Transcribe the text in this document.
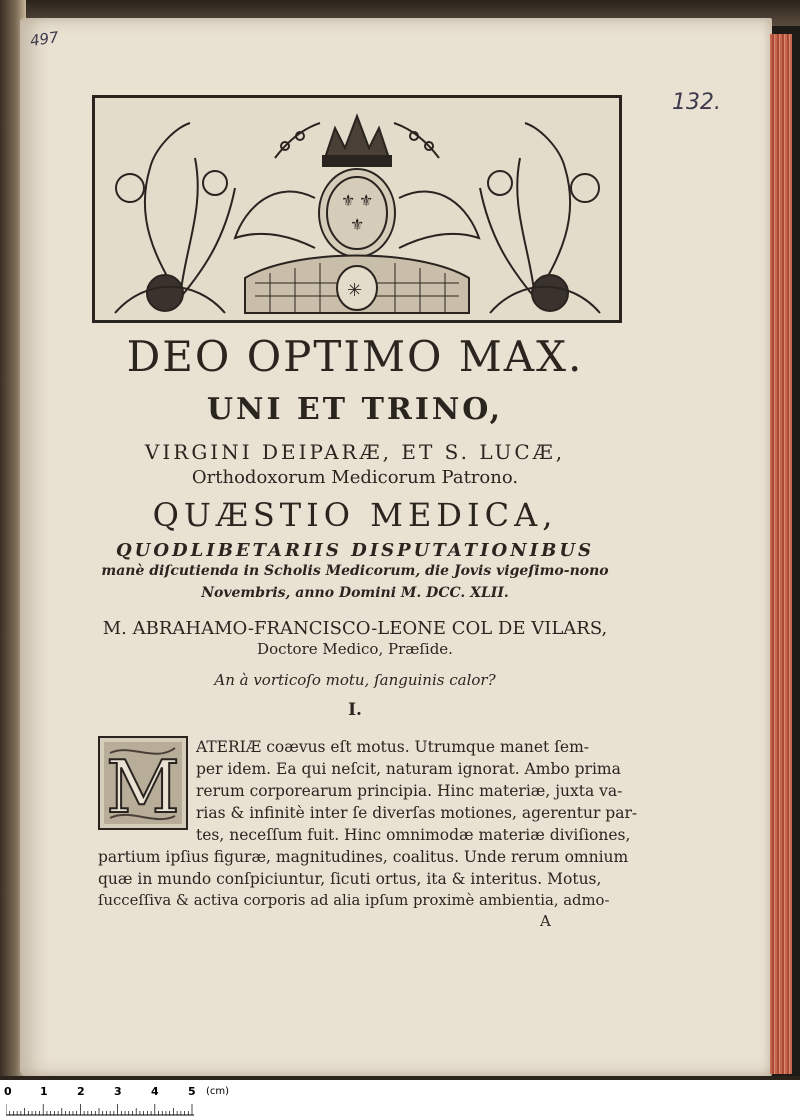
497
132.
⚜ ⚜
⚜
✳
DEO OPTIMO MAX.
UNI ET TRINO,
VIRGINI DEIPARÆ, ET S. LUCÆ,
Orthodoxorum Medicorum Patrono.
QUÆSTIO MEDICA,
QUODLIBETARIIS DISPUTATIONIBUS
manè diſcutienda in Scholis Medicorum, die Jovis vigeſimo-nono
Novembris, anno Domini M. DCC. XLII.
M. ABRAHAMO-FRANCISCO-LEONE COL DE VILARS,
Doctore Medico, Præſide.
An à vorticoſo motu, ſanguinis calor?
I.
M ATERIÆ coævus eſt motus. Utrumque manet ſem-
per idem. Ea qui neſcit, naturam ignorat. Ambo prima
rerum corporearum principia. Hinc materiæ, juxta va-
rias & infinitè inter ſe diverſas motiones, agerentur par-
tes, neceſſum fuit. Hinc omnimodæ materiæ diviſiones,
partium ipſius figuræ, magnitudines, coalitus. Unde rerum omnium
quæ in mundo conſpiciuntur, ſicuti ortus, ita & interitus. Motus,
ſucceſſiva & activa corporis ad alia ipſum proximè ambientia, admo-
A
0	1	2	3	4	5 (cm)
